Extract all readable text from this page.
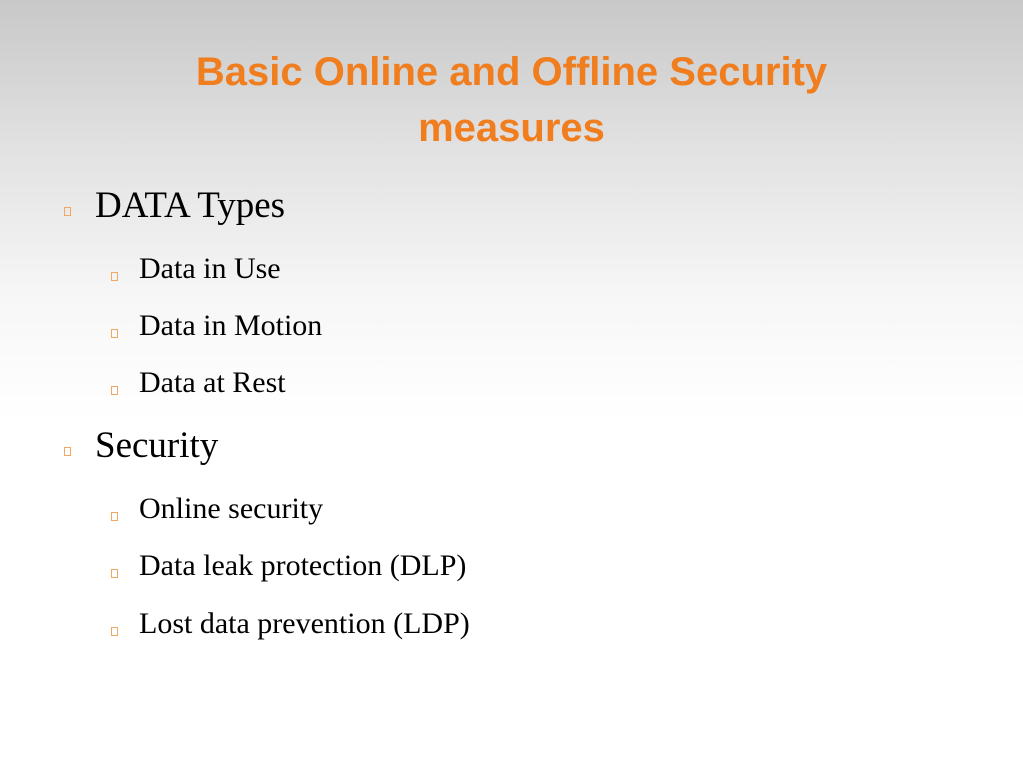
Basic Online and Offline Security
measures
DATA Types
Data in Use
Data in Motion
Data at Rest
Security
Online security
Data leak protection (DLP)
Lost data prevention (LDP)
